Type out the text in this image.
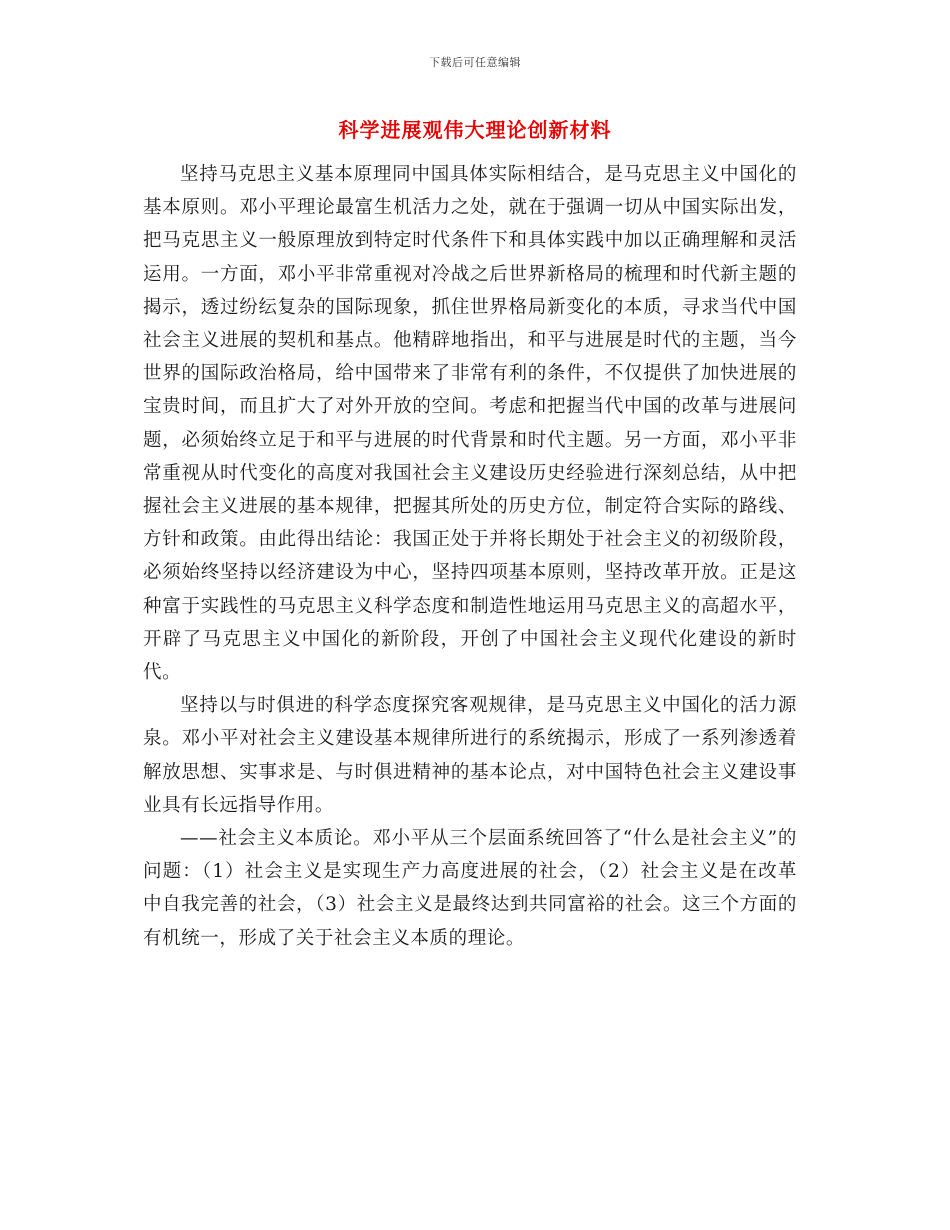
下载后可任意编辑
科学进展观伟大理论创新材料

坚持马克思主义基本原理同中国具体实际相结合，是马克思主义中国化的基本原则。邓小平理论最富生机活力之处，就在于强调一切从中国实际出发，把马克思主义一般原理放到特定时代条件下和具体实践中加以正确理解和灵活运用。一方面，邓小平非常重视对冷战之后世界新格局的梳理和时代新主题的揭示，透过纷纭复杂的国际现象，抓住世界格局新变化的本质，寻求当代中国社会主义进展的契机和基点。他精辟地指出，和平与进展是时代的主题，当今世界的国际政治格局，给中国带来了非常有利的条件，不仅提供了加快进展的宝贵时间，而且扩大了对外开放的空间。考虑和把握当代中国的改革与进展问题，必须始终立足于和平与进展的时代背景和时代主题。另一方面，邓小平非常重视从时代变化的高度对我国社会主义建设历史经验进行深刻总结，从中把握社会主义进展的基本规律，把握其所处的历史方位，制定符合实际的路线、方针和政策。由此得出结论：我国正处于并将长期处于社会主义的初级阶段，必须始终坚持以经济建设为中心，坚持四项基本原则，坚持改革开放。正是这种富于实践性的马克思主义科学态度和制造性地运用马克思主义的高超水平，开辟了马克思主义中国化的新阶段，开创了中国社会主义现代化建设的新时代。

坚持以与时俱进的科学态度探究客观规律，是马克思主义中国化的活力源泉。邓小平对社会主义建设基本规律所进行的系统揭示，形成了一系列渗透着解放思想、实事求是、与时俱进精神的基本论点，对中国特色社会主义建设事业具有长远指导作用。

——社会主义本质论。邓小平从三个层面系统回答了“什么是社会主义”的问题：（1）社会主义是实现生产力高度进展的社会，（2）社会主义是在改革中自我完善的社会，（3）社会主义是最终达到共同富裕的社会。这三个方面的有机统一，形成了关于社会主义本质的理论。
